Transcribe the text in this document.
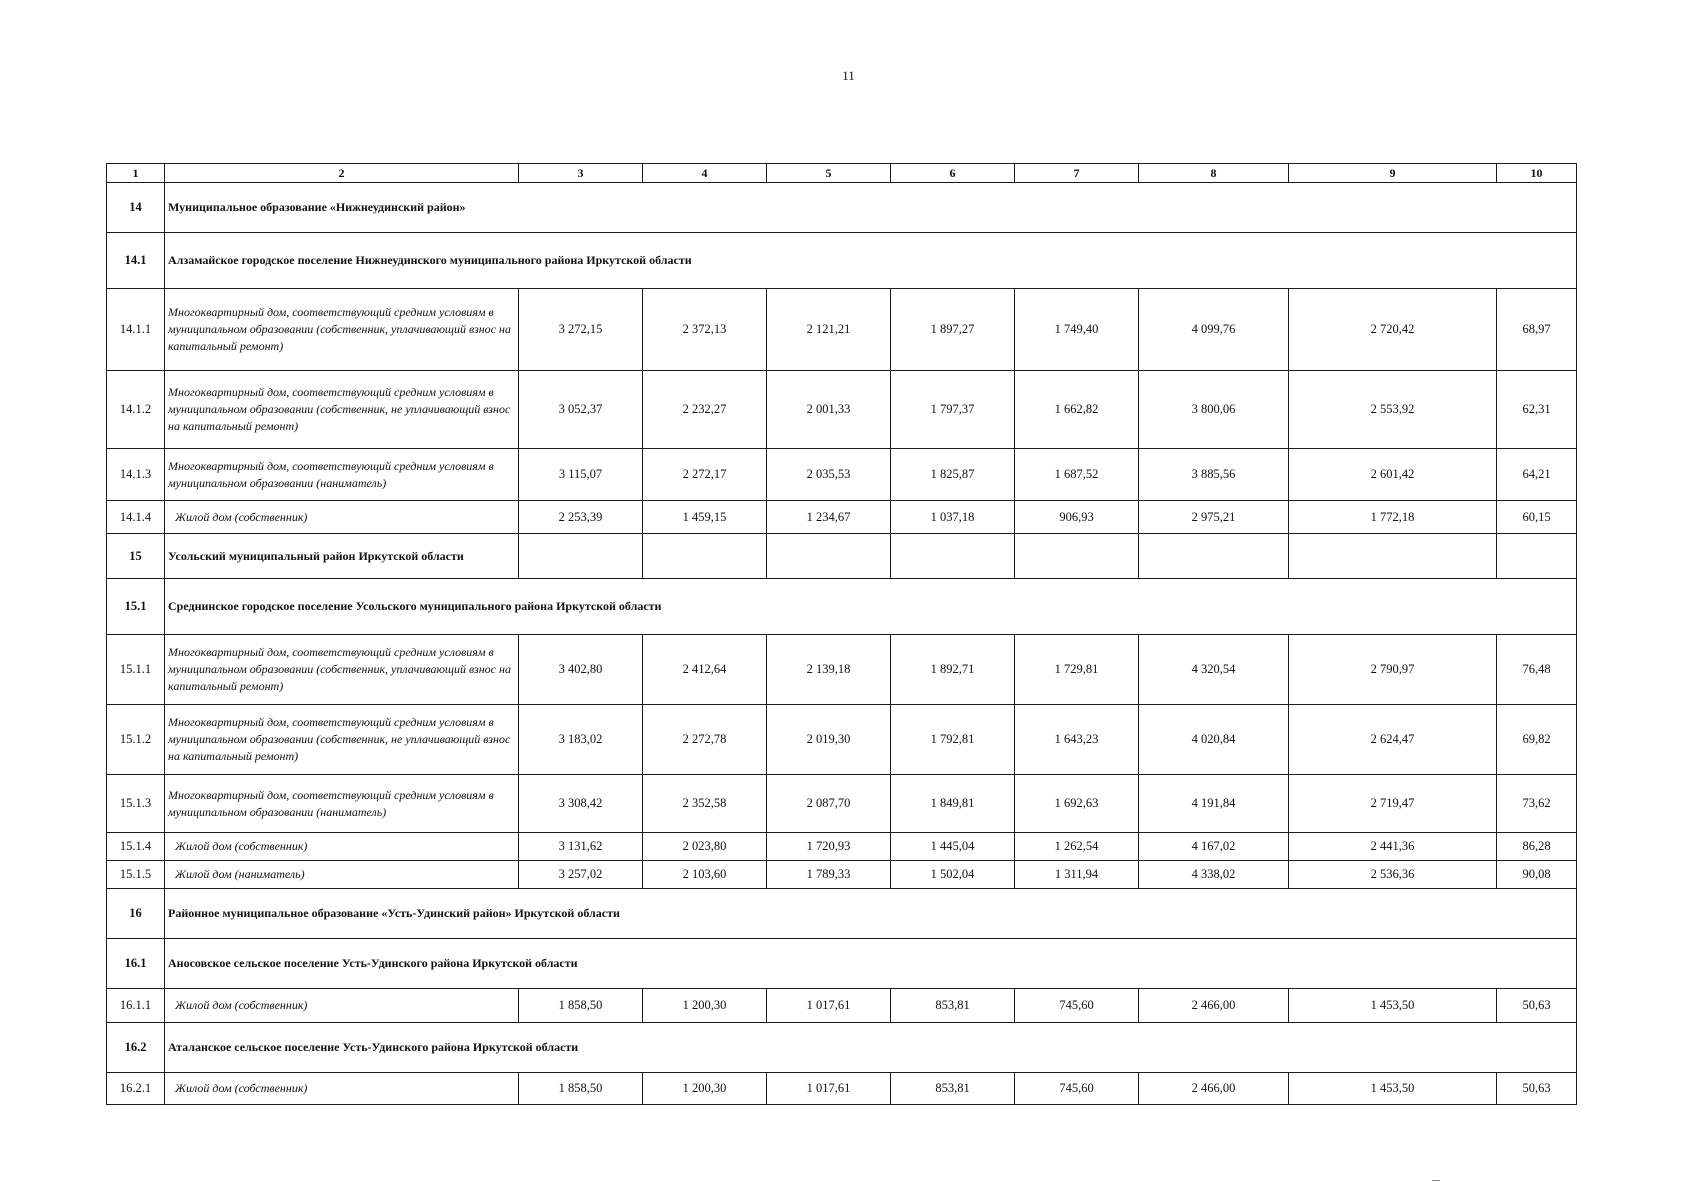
11
1	2	3	4	5	6	7	8	9	10
14	Муниципальное образование «Нижнеудинский район»								
14.1	Алзамайское городское поселение Нижнеудинского муниципального района Иркутской области								
14.1.1	Многоквартирный дом, соответствующий средним условиям в муниципальном образовании (собственник, уплачивающий взнос на капитальный ремонт)	3 272,15	2 372,13	2 121,21	1 897,27	1 749,40	4 099,76	2 720,42	68,97
14.1.2	Многоквартирный дом, соответствующий средним условиям в муниципальном образовании (собственник, не уплачивающий взнос на капитальный ремонт)	3 052,37	2 232,27	2 001,33	1 797,37	1 662,82	3 800,06	2 553,92	62,31
14.1.3	Многоквартирный дом, соответствующий средним условиям в муниципальном образовании (наниматель)	3 115,07	2 272,17	2 035,53	1 825,87	1 687,52	3 885,56	2 601,42	64,21
14.1.4	Жилой дом (собственник)	2 253,39	1 459,15	1 234,67	1 037,18	906,93	2 975,21	1 772,18	60,15
15	Усольский муниципальный район Иркутской области								
15.1	Среднинское городское поселение Усольского муниципального района Иркутской области								
15.1.1	Многоквартирный дом, соответствующий средним условиям в муниципальном образовании (собственник, уплачивающий взнос на капитальный ремонт)	3 402,80	2 412,64	2 139,18	1 892,71	1 729,81	4 320,54	2 790,97	76,48
15.1.2	Многоквартирный дом, соответствующий средним условиям в муниципальном образовании (собственник, не уплачивающий взнос на капитальный ремонт)	3 183,02	2 272,78	2 019,30	1 792,81	1 643,23	4 020,84	2 624,47	69,82
15.1.3	Многоквартирный дом, соответствующий средним условиям в муниципальном образовании (наниматель)	3 308,42	2 352,58	2 087,70	1 849,81	1 692,63	4 191,84	2 719,47	73,62
15.1.4	Жилой дом (собственник)	3 131,62	2 023,80	1 720,93	1 445,04	1 262,54	4 167,02	2 441,36	86,28
15.1.5	Жилой дом (наниматель)	3 257,02	2 103,60	1 789,33	1 502,04	1 311,94	4 338,02	2 536,36	90,08
16	Районное муниципальное образование «Усть-Удинский район» Иркутской области								
16.1	Аносовское сельское поселение Усть-Удинского района Иркутской области								
16.1.1	Жилой дом (собственник)	1 858,50	1 200,30	1 017,61	853,81	745,60	2 466,00	1 453,50	50,63
16.2	Аталанское сельское поселение Усть-Удинского района Иркутской области								
16.2.1	Жилой дом (собственник)	1 858,50	1 200,30	1 017,61	853,81	745,60	2 466,00	1 453,50	50,63
